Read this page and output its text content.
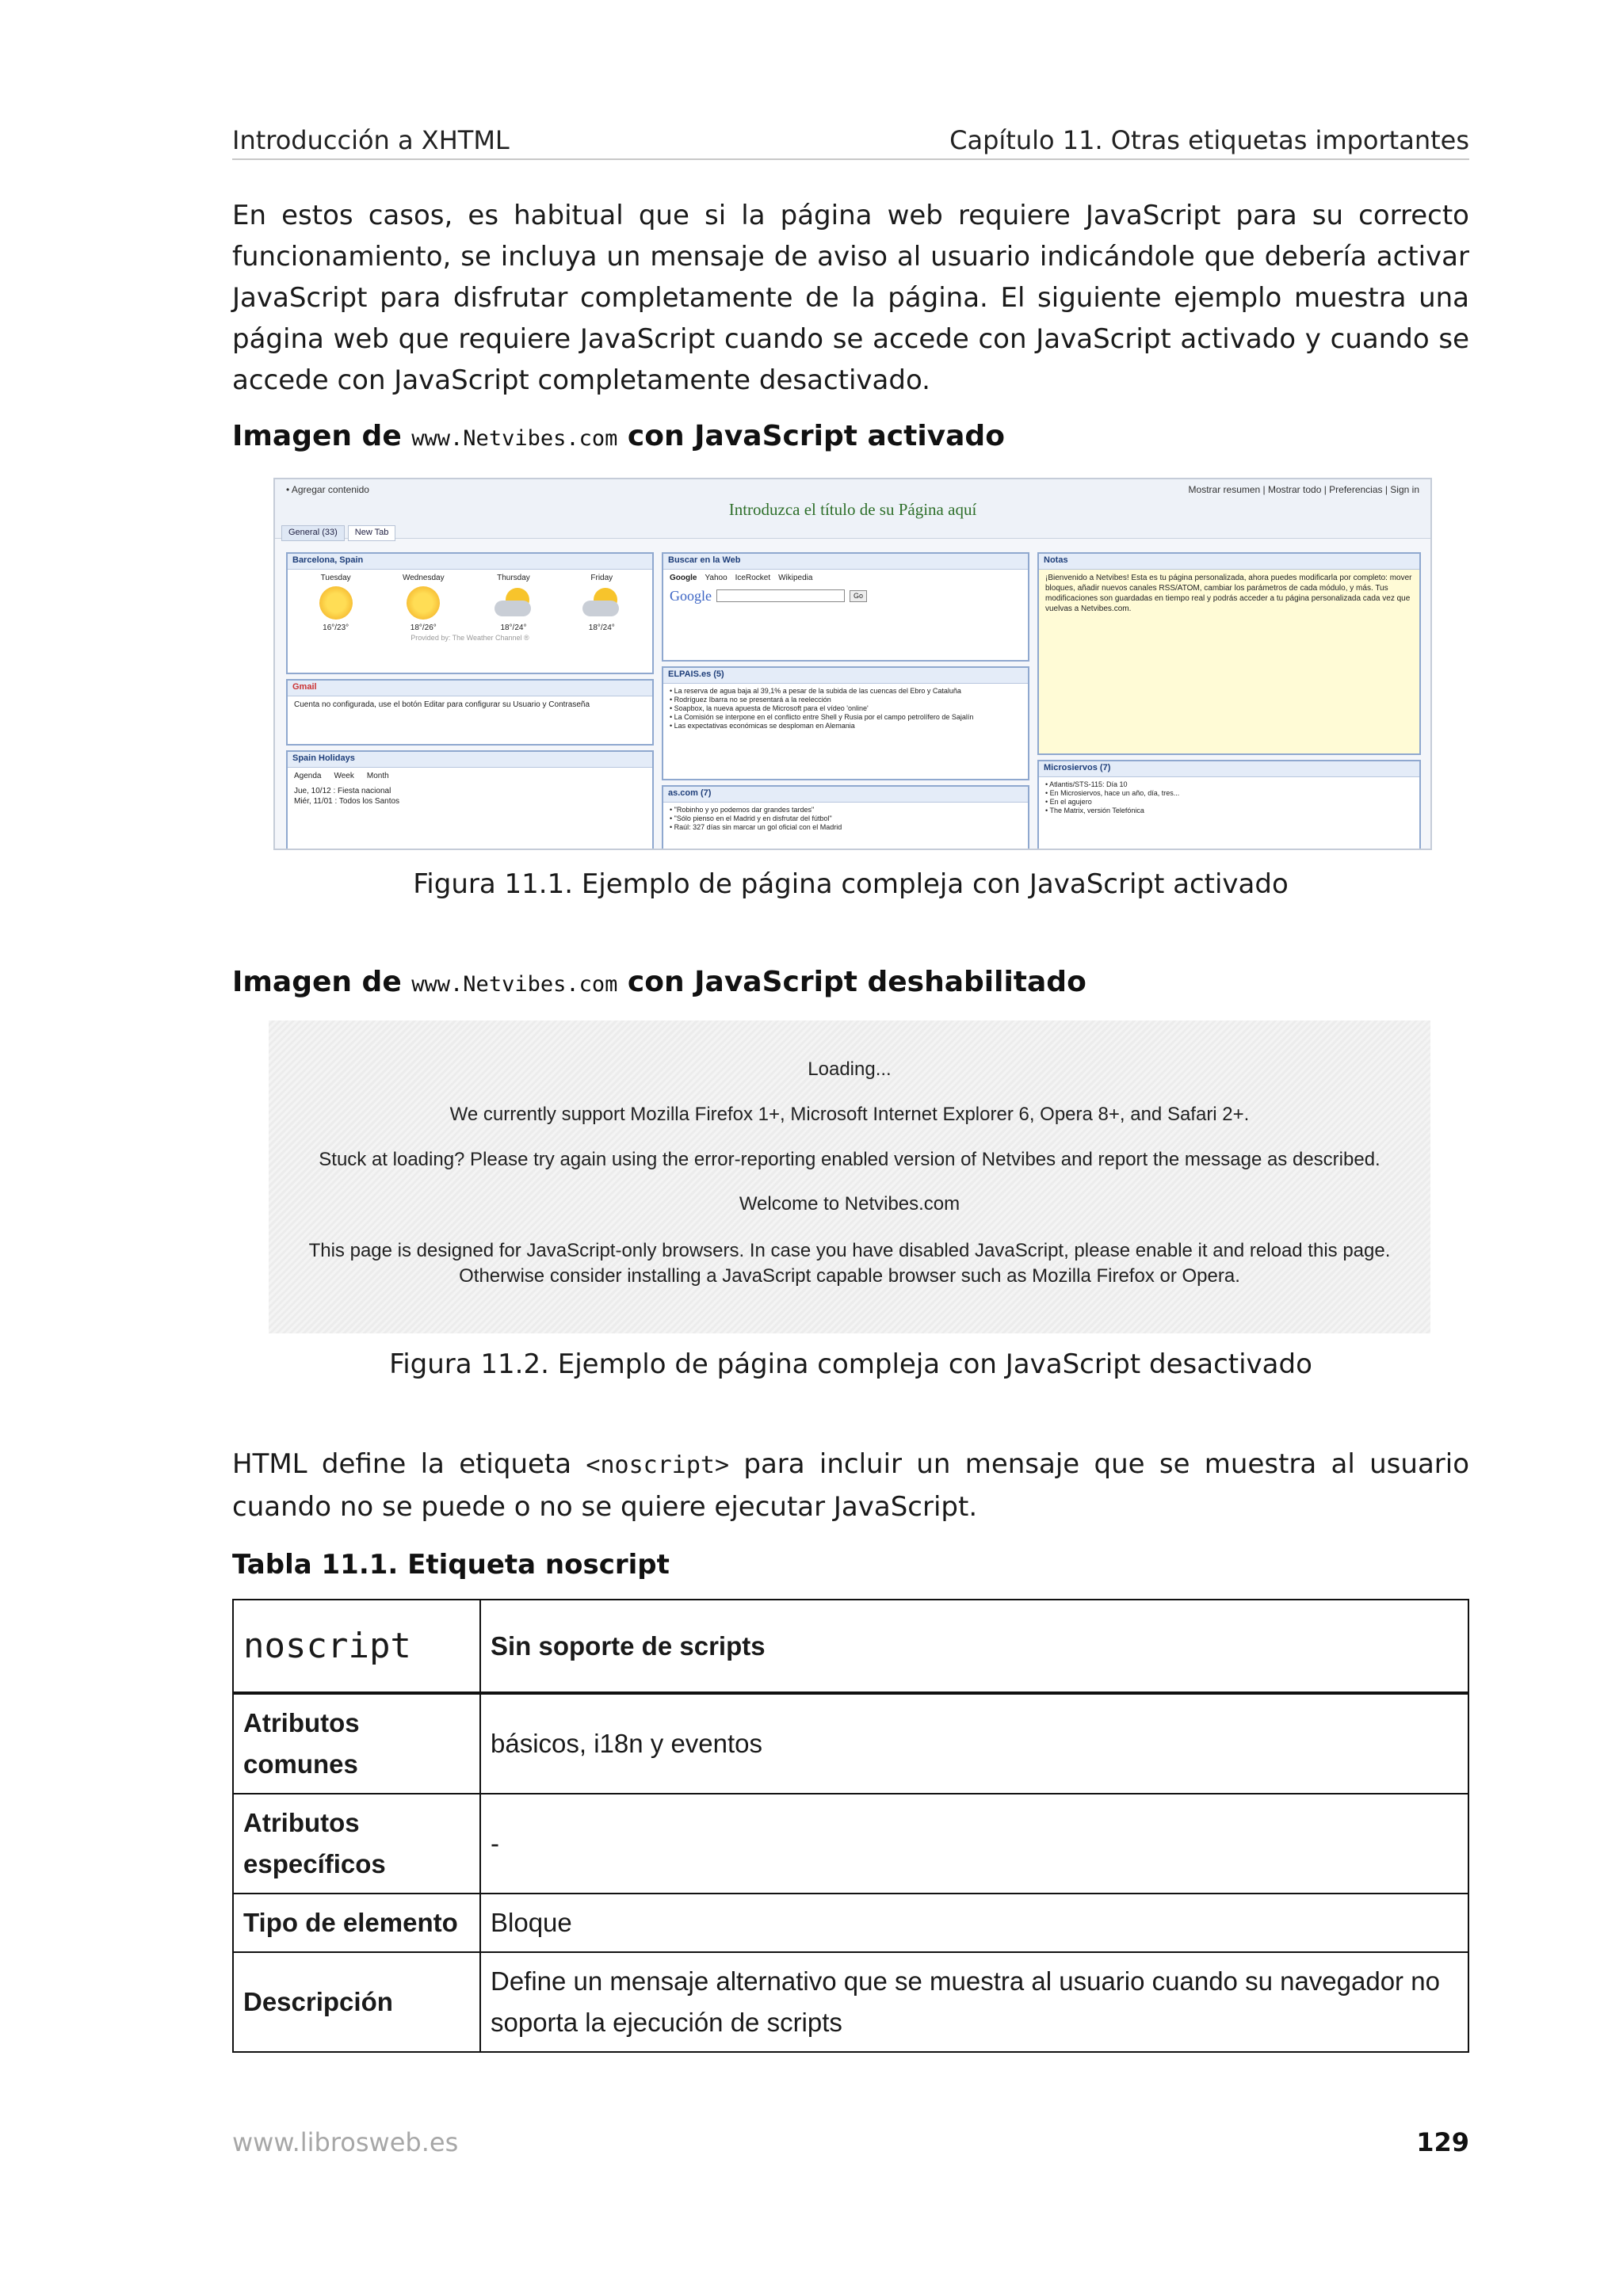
Introducción a XHTML	Capítulo 11. Otras etiquetas importantes
En estos casos, es habitual que si la página web requiere JavaScript para su correcto funcionamiento, se incluya un mensaje de aviso al usuario indicándole que debería activar JavaScript para disfrutar completamente de la página. El siguiente ejemplo muestra una página web que requiere JavaScript cuando se accede con JavaScript activado y cuando se accede con JavaScript completamente desactivado.
Imagen de www.Netvibes.com con JavaScript activado
• Agregar contenido	Mostrar resumen | Mostrar todo | Preferencias | Sign in
Introduzca el título de su Página aquí
General (33)	New Tab
Barcelona, Spain
Tuesday
16°/23°
Wednesday
18°/26°
Thursday
18°/24°
Friday
18°/24°
Provided by: The Weather Channel ®
Gmail
Cuenta no configurada, use el botón Editar para configurar su Usuario y Contraseña
Spain Holidays
Agenda Week Month
Jue, 10/12 : Fiesta nacional
Miér, 11/01 : Todos los Santos
Buscar en la Web
Google Yahoo IceRocket Wikipedia
Google	Go
ELPAIS.es (5)
• La reserva de agua baja al 39,1% a pesar de la subida de las cuencas del Ebro y Cataluña
• Rodríguez Ibarra no se presentará a la reelección
• Soapbox, la nueva apuesta de Microsoft para el vídeo 'online'
• La Comisión se interpone en el conflicto entre Shell y Rusia por el campo petrolífero de Sajalín
• Las expectativas económicas se desploman en Alemania
as.com (7)
• "Robinho y yo podemos dar grandes tardes"
• "Sólo pienso en el Madrid y en disfrutar del fútbol"
• Raúl: 327 días sin marcar un gol oficial con el Madrid
Notas
¡Bienvenido a Netvibes! Esta es tu página personalizada, ahora puedes modificarla por completo: mover bloques, añadir nuevos canales RSS/ATOM, cambiar los parámetros de cada módulo, y más. Tus modificaciones son guardadas en tiempo real y podrás acceder a tu página personalizada cada vez que vuelvas a Netvibes.com.
Microsiervos (7)
• Atlantis/STS-115: Día 10
• En Microsiervos, hace un año, día, tres...
• En el agujero
• The Matrix, versión Telefónica
Figura 11.1. Ejemplo de página compleja con JavaScript activado
Imagen de www.Netvibes.com con JavaScript deshabilitado
Loading...
We currently support Mozilla Firefox 1+, Microsoft Internet Explorer 6, Opera 8+, and Safari 2+.
Stuck at loading? Please try again using the error-reporting enabled version of Netvibes and report the message as described.
Welcome to Netvibes.com
This page is designed for JavaScript-only browsers. In case you have disabled JavaScript, please enable it and reload this page.
Otherwise consider installing a JavaScript capable browser such as Mozilla Firefox or Opera.
Figura 11.2. Ejemplo de página compleja con JavaScript desactivado
HTML define la etiqueta <noscript> para incluir un mensaje que se muestra al usuario cuando no se puede o no se quiere ejecutar JavaScript.
Tabla 11.1. Etiqueta noscript
noscript	Sin soporte de scripts
Atributos comunes	básicos, i18n y eventos
Atributos específicos	-
Tipo de elemento	Bloque
Descripción	Define un mensaje alternativo que se muestra al usuario cuando su navegador no soporta la ejecución de scripts
www.librosweb.es	129
